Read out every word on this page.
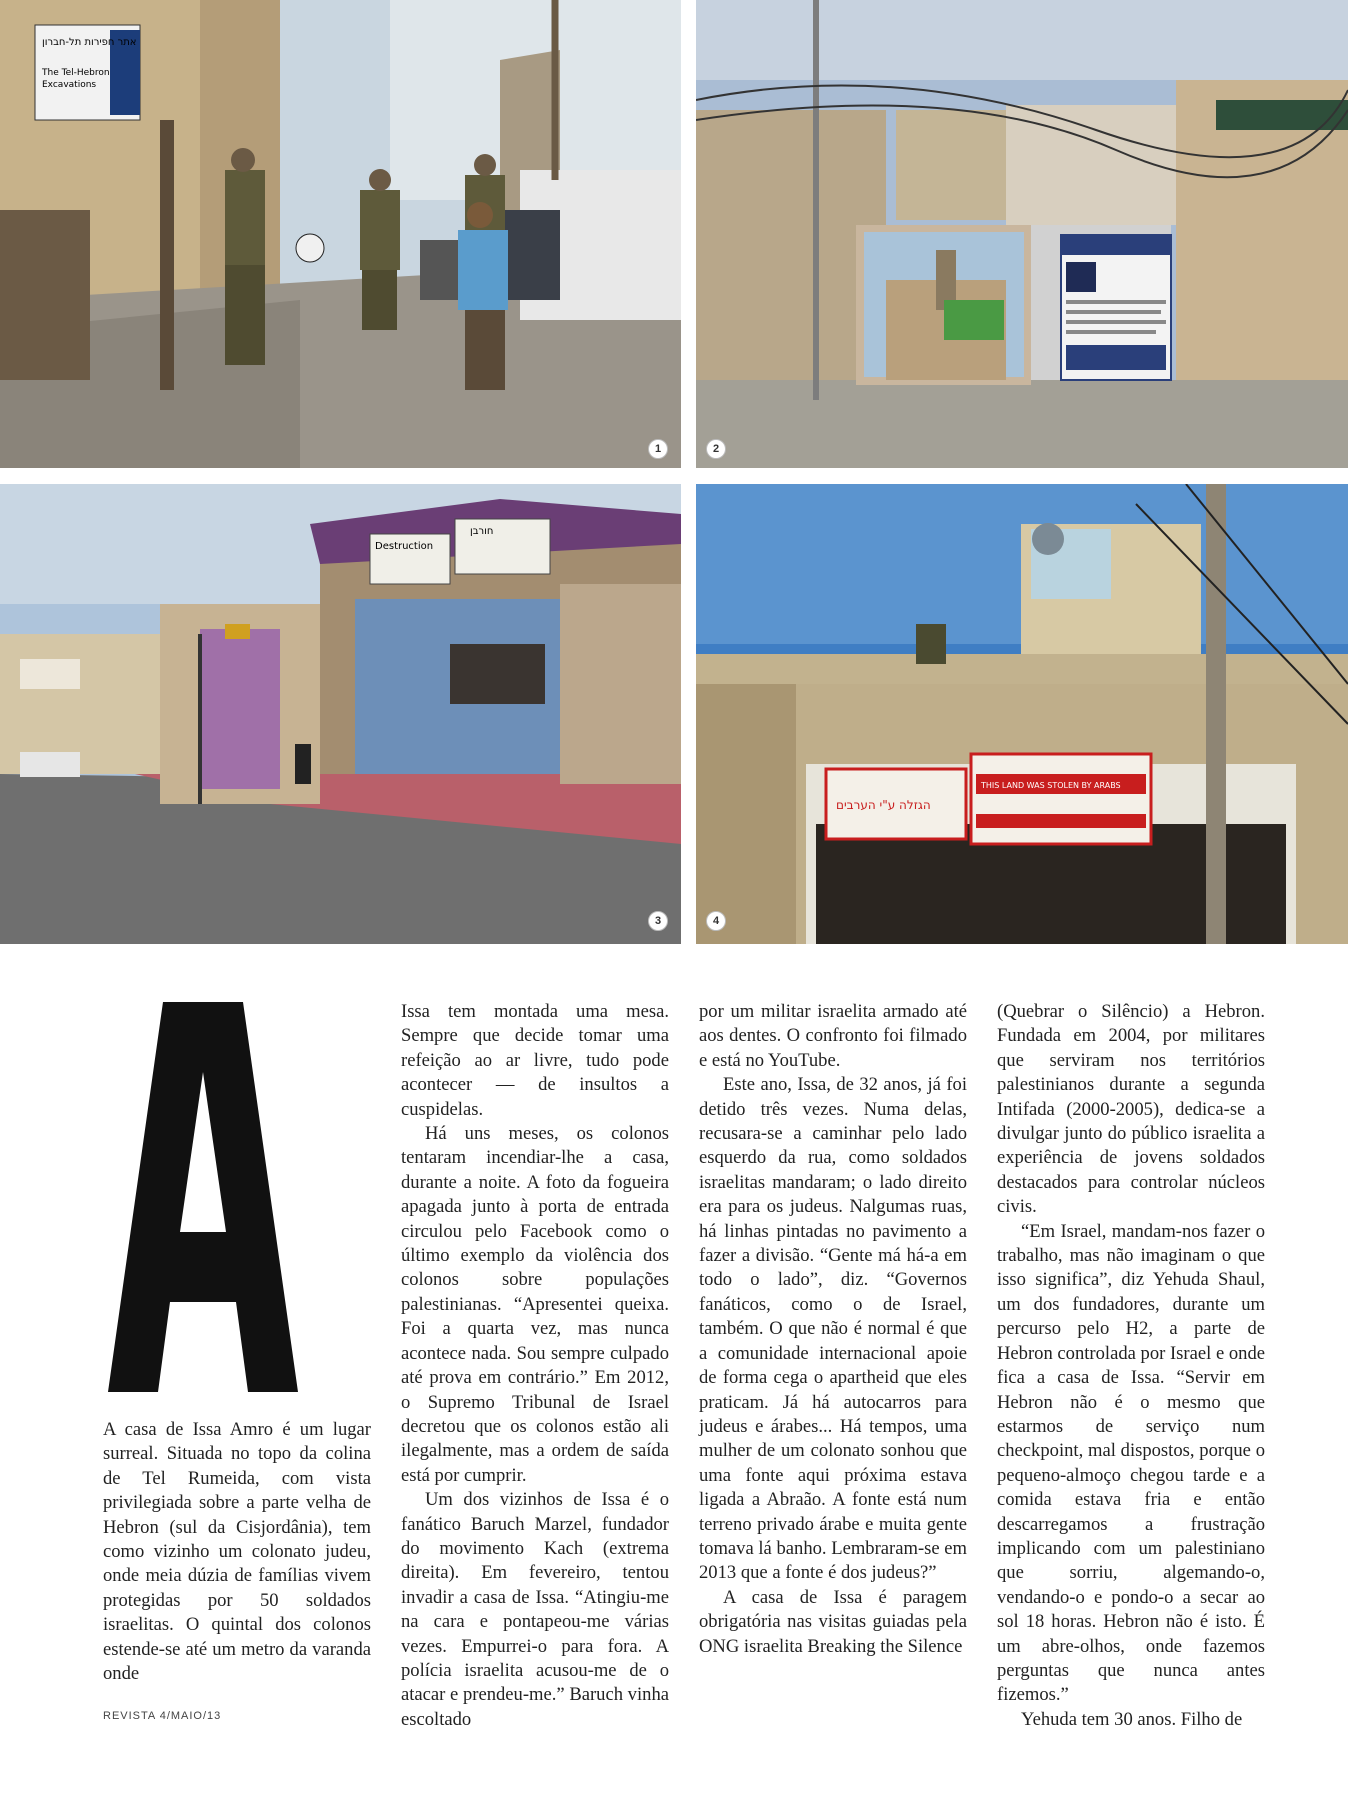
אתר חפירות תל-חברון
The Tel-Hebron
Excavations
1	2
Destruction
חורבן
3
הגזלה ע"י הערבים
THIS LAND WAS STOLEN BY ARABS
4

A casa de Issa Amro é um lugar surreal. Situada no topo da colina de Tel Rumeida, com vista privilegiada sobre a parte velha de Hebron (sul da Cisjordânia), tem como vizinho um colonato judeu, onde meia dúzia de famílias vivem protegidas por 50 soldados israelitas. O quintal dos colonos estende-se até um metro da varanda onde

Issa tem montada uma mesa. Sempre que decide tomar uma refeição ao ar livre, tudo pode acontecer — de insultos a cuspidelas.

Há uns meses, os colonos tentaram incendiar-lhe a casa, durante a noite. A foto da fogueira apagada junto à porta de entrada circulou pelo Facebook como o último exemplo da violência dos colonos sobre populações palestinianas. “Apresentei queixa. Foi a quarta vez, mas nunca acontece nada. Sou sempre culpado até prova em contrário.” Em 2012, o Supremo Tribunal de Israel decretou que os colonos estão ali ilegalmente, mas a ordem de saída está por cumprir.

Um dos vizinhos de Issa é o fanático Baruch Marzel, fundador do movimento Kach (extrema direita). Em fevereiro, tentou invadir a casa de Issa. “Atingiu-me na cara e pontapeou-me várias vezes. Empurrei-o para fora. A polícia israelita acusou-me de o atacar e prendeu-me.” Baruch vinha escoltado

por um militar israelita armado até aos dentes. O confronto foi filmado e está no YouTube.

Este ano, Issa, de 32 anos, já foi detido três vezes. Numa delas, recusara-se a caminhar pelo lado esquerdo da rua, como soldados israelitas mandaram; o lado direito era para os judeus. Nalgumas ruas, há linhas pintadas no pavimento a fazer a divisão. “Gente má há-a em todo o lado”, diz. “Governos fanáticos, como o de Israel, também. O que não é normal é que a comunidade internacional apoie de forma cega o apartheid que eles praticam. Já há autocarros para judeus e árabes... Há tempos, uma mulher de um colonato sonhou que uma fonte aqui próxima estava ligada a Abraão. A fonte está num terreno privado árabe e muita gente tomava lá banho. Lembraram-se em 2013 que a fonte é dos judeus?”

A casa de Issa é paragem obrigatória nas visitas guiadas pela ONG israelita Breaking the Silence

(Quebrar o Silêncio) a Hebron. Fundada em 2004, por militares que serviram nos territórios palestinianos durante a segunda Intifada (2000-2005), dedica-se a divulgar junto do público israelita a experiência de jovens soldados destacados para controlar núcleos civis.

“Em Israel, mandam-nos fazer o trabalho, mas não imaginam o que isso significa”, diz Yehuda Shaul, um dos fundadores, durante um percurso pelo H2, a parte de Hebron controlada por Israel e onde fica a casa de Issa. “Servir em Hebron não é o mesmo que estarmos de serviço num checkpoint, mal dispostos, porque o pequeno-almoço chegou tarde e a comida estava fria e então descarregamos a frustração implicando com um palestiniano que sorriu, algemando-o, vendando-o e pondo-o a secar ao sol 18 horas. Hebron não é isto. É um abre-olhos, onde fazemos perguntas que nunca antes fizemos.”

Yehuda tem 30 anos. Filho de

REVISTA 4/MAIO/13
